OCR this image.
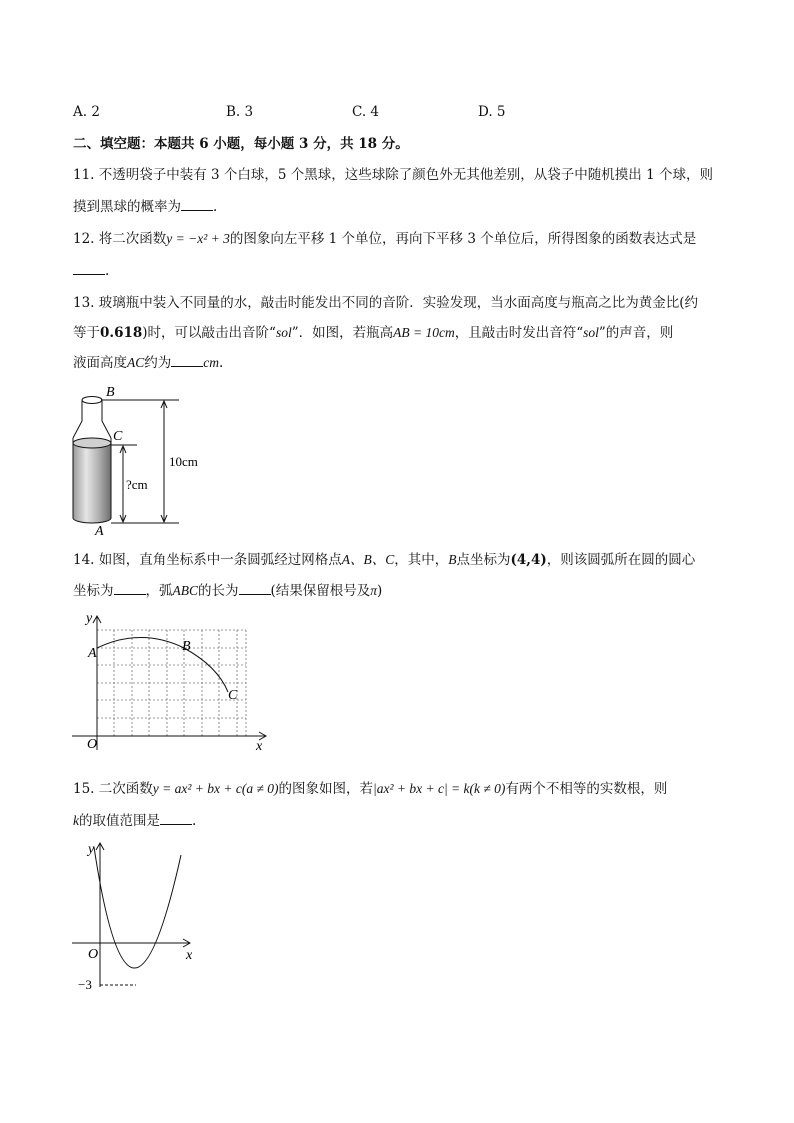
A. 2	B. 3	C. 4	D. 5
二、填空题：本题共 6 小题，每小题 3 分，共 18 分。
11. 不透明袋子中装有 3 个白球，5 个黑球，这些球除了颜色外无其他差别，从袋子中随机摸出 1 个球，则
摸到黑球的概率为 .
12. 将二次函数y = −x² + 3的图象向左平移 1 个单位，再向下平移 3 个单位后，所得图象的函数表达式是
.
13. 玻璃瓶中装入不同量的水，敲击时能发出不同的音阶．实验发现，当水面高度与瓶高之比为黄金比(约
等于0.618)时，可以敲击出音阶“sol”．如图，若瓶高AB = 10cm，且敲击时发出音符“sol”的声音，则
液面高度AC约为 cm.
B
C
A
10cm
?cm
14. 如图，直角坐标系中一条圆弧经过网格点A、B、C，其中，B点坐标为(4,4)，则该圆弧所在圆的圆心
坐标为 ，弧ABC的长为 (结果保留根号及π)
y
x
O
A	B
C
15. 二次函数y = ax² + bx + c(a ≠ 0)的图象如图，若|ax² + bx + c| = k(k ≠ 0)有两个不相等的实数根，则
k的取值范围是 .
y
x
O
−3
